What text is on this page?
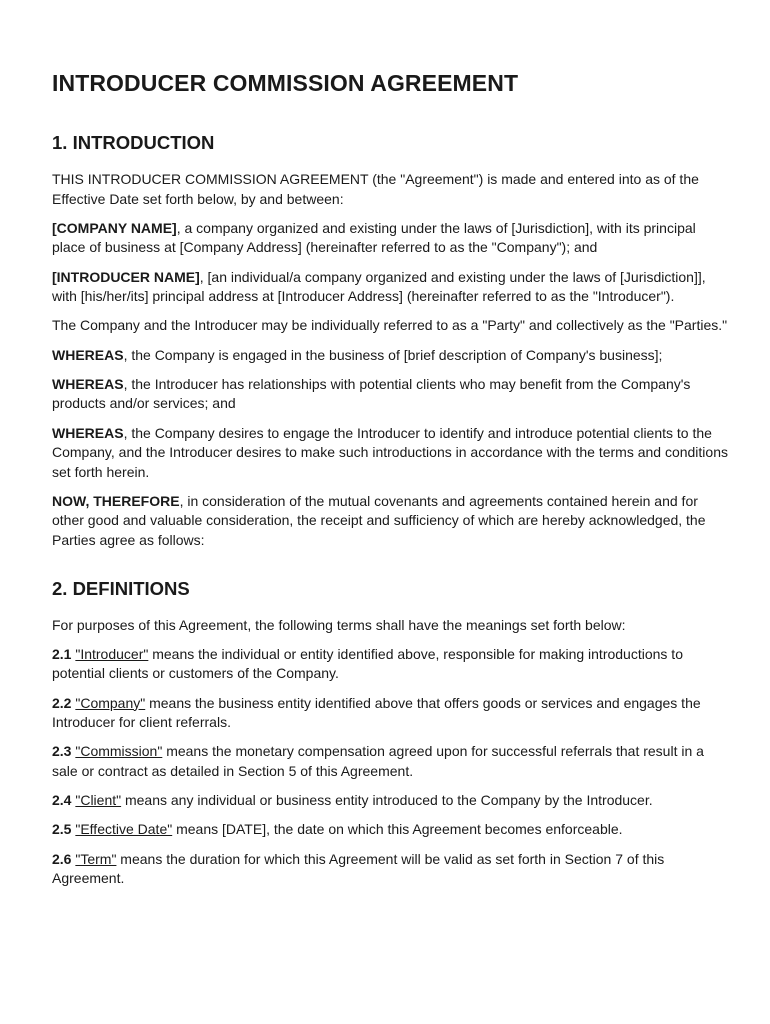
INTRODUCER COMMISSION AGREEMENT
1. INTRODUCTION

THIS INTRODUCER COMMISSION AGREEMENT (the "Agreement") is made and entered into as of the Effective Date set forth below, by and between:

[COMPANY NAME], a company organized and existing under the laws of [Jurisdiction], with its principal place of business at [Company Address] (hereinafter referred to as the "Company"); and

[INTRODUCER NAME], [an individual/a company organized and existing under the laws of [Jurisdiction]], with [his/her/its] principal address at [Introducer Address] (hereinafter referred to as the "Introducer").

The Company and the Introducer may be individually referred to as a "Party" and collectively as the "Parties."

WHEREAS, the Company is engaged in the business of [brief description of Company's business];

WHEREAS, the Introducer has relationships with potential clients who may benefit from the Company's products and/or services; and

WHEREAS, the Company desires to engage the Introducer to identify and introduce potential clients to the Company, and the Introducer desires to make such introductions in accordance with the terms and conditions set forth herein.

NOW, THEREFORE, in consideration of the mutual covenants and agreements contained herein and for other good and valuable consideration, the receipt and sufficiency of which are hereby acknowledged, the Parties agree as follows:

2. DEFINITIONS

For purposes of this Agreement, the following terms shall have the meanings set forth below:

2.1 "Introducer" means the individual or entity identified above, responsible for making introductions to potential clients or customers of the Company.

2.2 "Company" means the business entity identified above that offers goods or services and engages the Introducer for client referrals.

2.3 "Commission" means the monetary compensation agreed upon for successful referrals that result in a sale or contract as detailed in Section 5 of this Agreement.

2.4 "Client" means any individual or business entity introduced to the Company by the Introducer.

2.5 "Effective Date" means [DATE], the date on which this Agreement becomes enforceable.

2.6 "Term" means the duration for which this Agreement will be valid as set forth in Section 7 of this Agreement.
